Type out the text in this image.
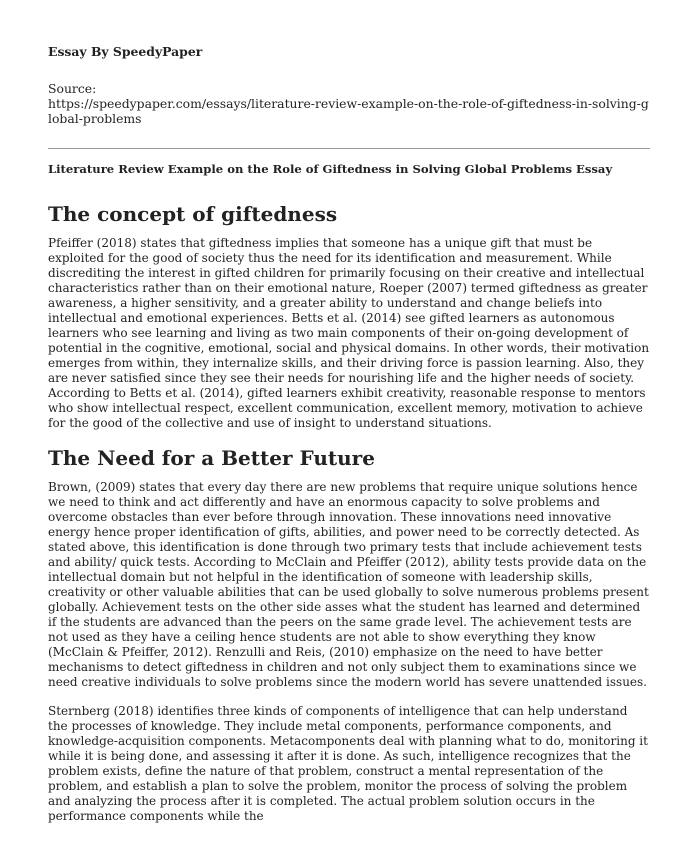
Essay By SpeedyPaper
Source:
https://speedypaper.com/essays/literature-review-example-on-the-role-of-giftedness-in-solving-global-problems
Literature Review Example on the Role of Giftedness in Solving Global Problems Essay
The concept of giftedness

Pfeiffer (2018) states that giftedness implies that someone has a unique gift that must be exploited for the good of society thus the need for its identification and measurement. While discrediting the interest in gifted children for primarily focusing on their creative and intellectual characteristics rather than on their emotional nature, Roeper (2007) termed giftedness as greater awareness, a higher sensitivity, and a greater ability to understand and change beliefs into intellectual and emotional experiences. Betts et al. (2014) see gifted learners as autonomous learners who see learning and living as two main components of their on-going development of potential in the cognitive, emotional, social and physical domains. In other words, their motivation emerges from within, they internalize skills, and their driving force is passion learning. Also, they are never satisfied since they see their needs for nourishing life and the higher needs of society. According to Betts et al. (2014), gifted learners exhibit creativity, reasonable response to mentors who show intellectual respect, excellent communication, excellent memory, motivation to achieve for the good of the collective and use of insight to understand situations.

The Need for a Better Future

Brown, (2009) states that every day there are new problems that require unique solutions hence we need to think and act differently and have an enormous capacity to solve problems and overcome obstacles than ever before through innovation. These innovations need innovative energy hence proper identification of gifts, abilities, and power need to be correctly detected. As stated above, this identification is done through two primary tests that include achievement tests and ability/ quick tests. According to McClain and Pfeiffer (2012), ability tests provide data on the intellectual domain but not helpful in the identification of someone with leadership skills, creativity or other valuable abilities that can be used globally to solve numerous problems present globally. Achievement tests on the other side asses what the student has learned and determined if the students are advanced than the peers on the same grade level. The achievement tests are not used as they have a ceiling hence students are not able to show everything they know (McClain & Pfeiffer, 2012). Renzulli and Reis, (2010) emphasize on the need to have better mechanisms to detect giftedness in children and not only subject them to examinations since we need creative individuals to solve problems since the modern world has severe unattended issues.

Sternberg (2018) identifies three kinds of components of intelligence that can help understand the processes of knowledge. They include metal components, performance components, and knowledge-acquisition components. Metacomponents deal with planning what to do, monitoring it while it is being done, and assessing it after it is done. As such, intelligence recognizes that the problem exists, define the nature of that problem, construct a mental representation of the problem, and establish a plan to solve the problem, monitor the process of solving the problem and analyzing the process after it is completed. The actual problem solution occurs in the performance components while the
